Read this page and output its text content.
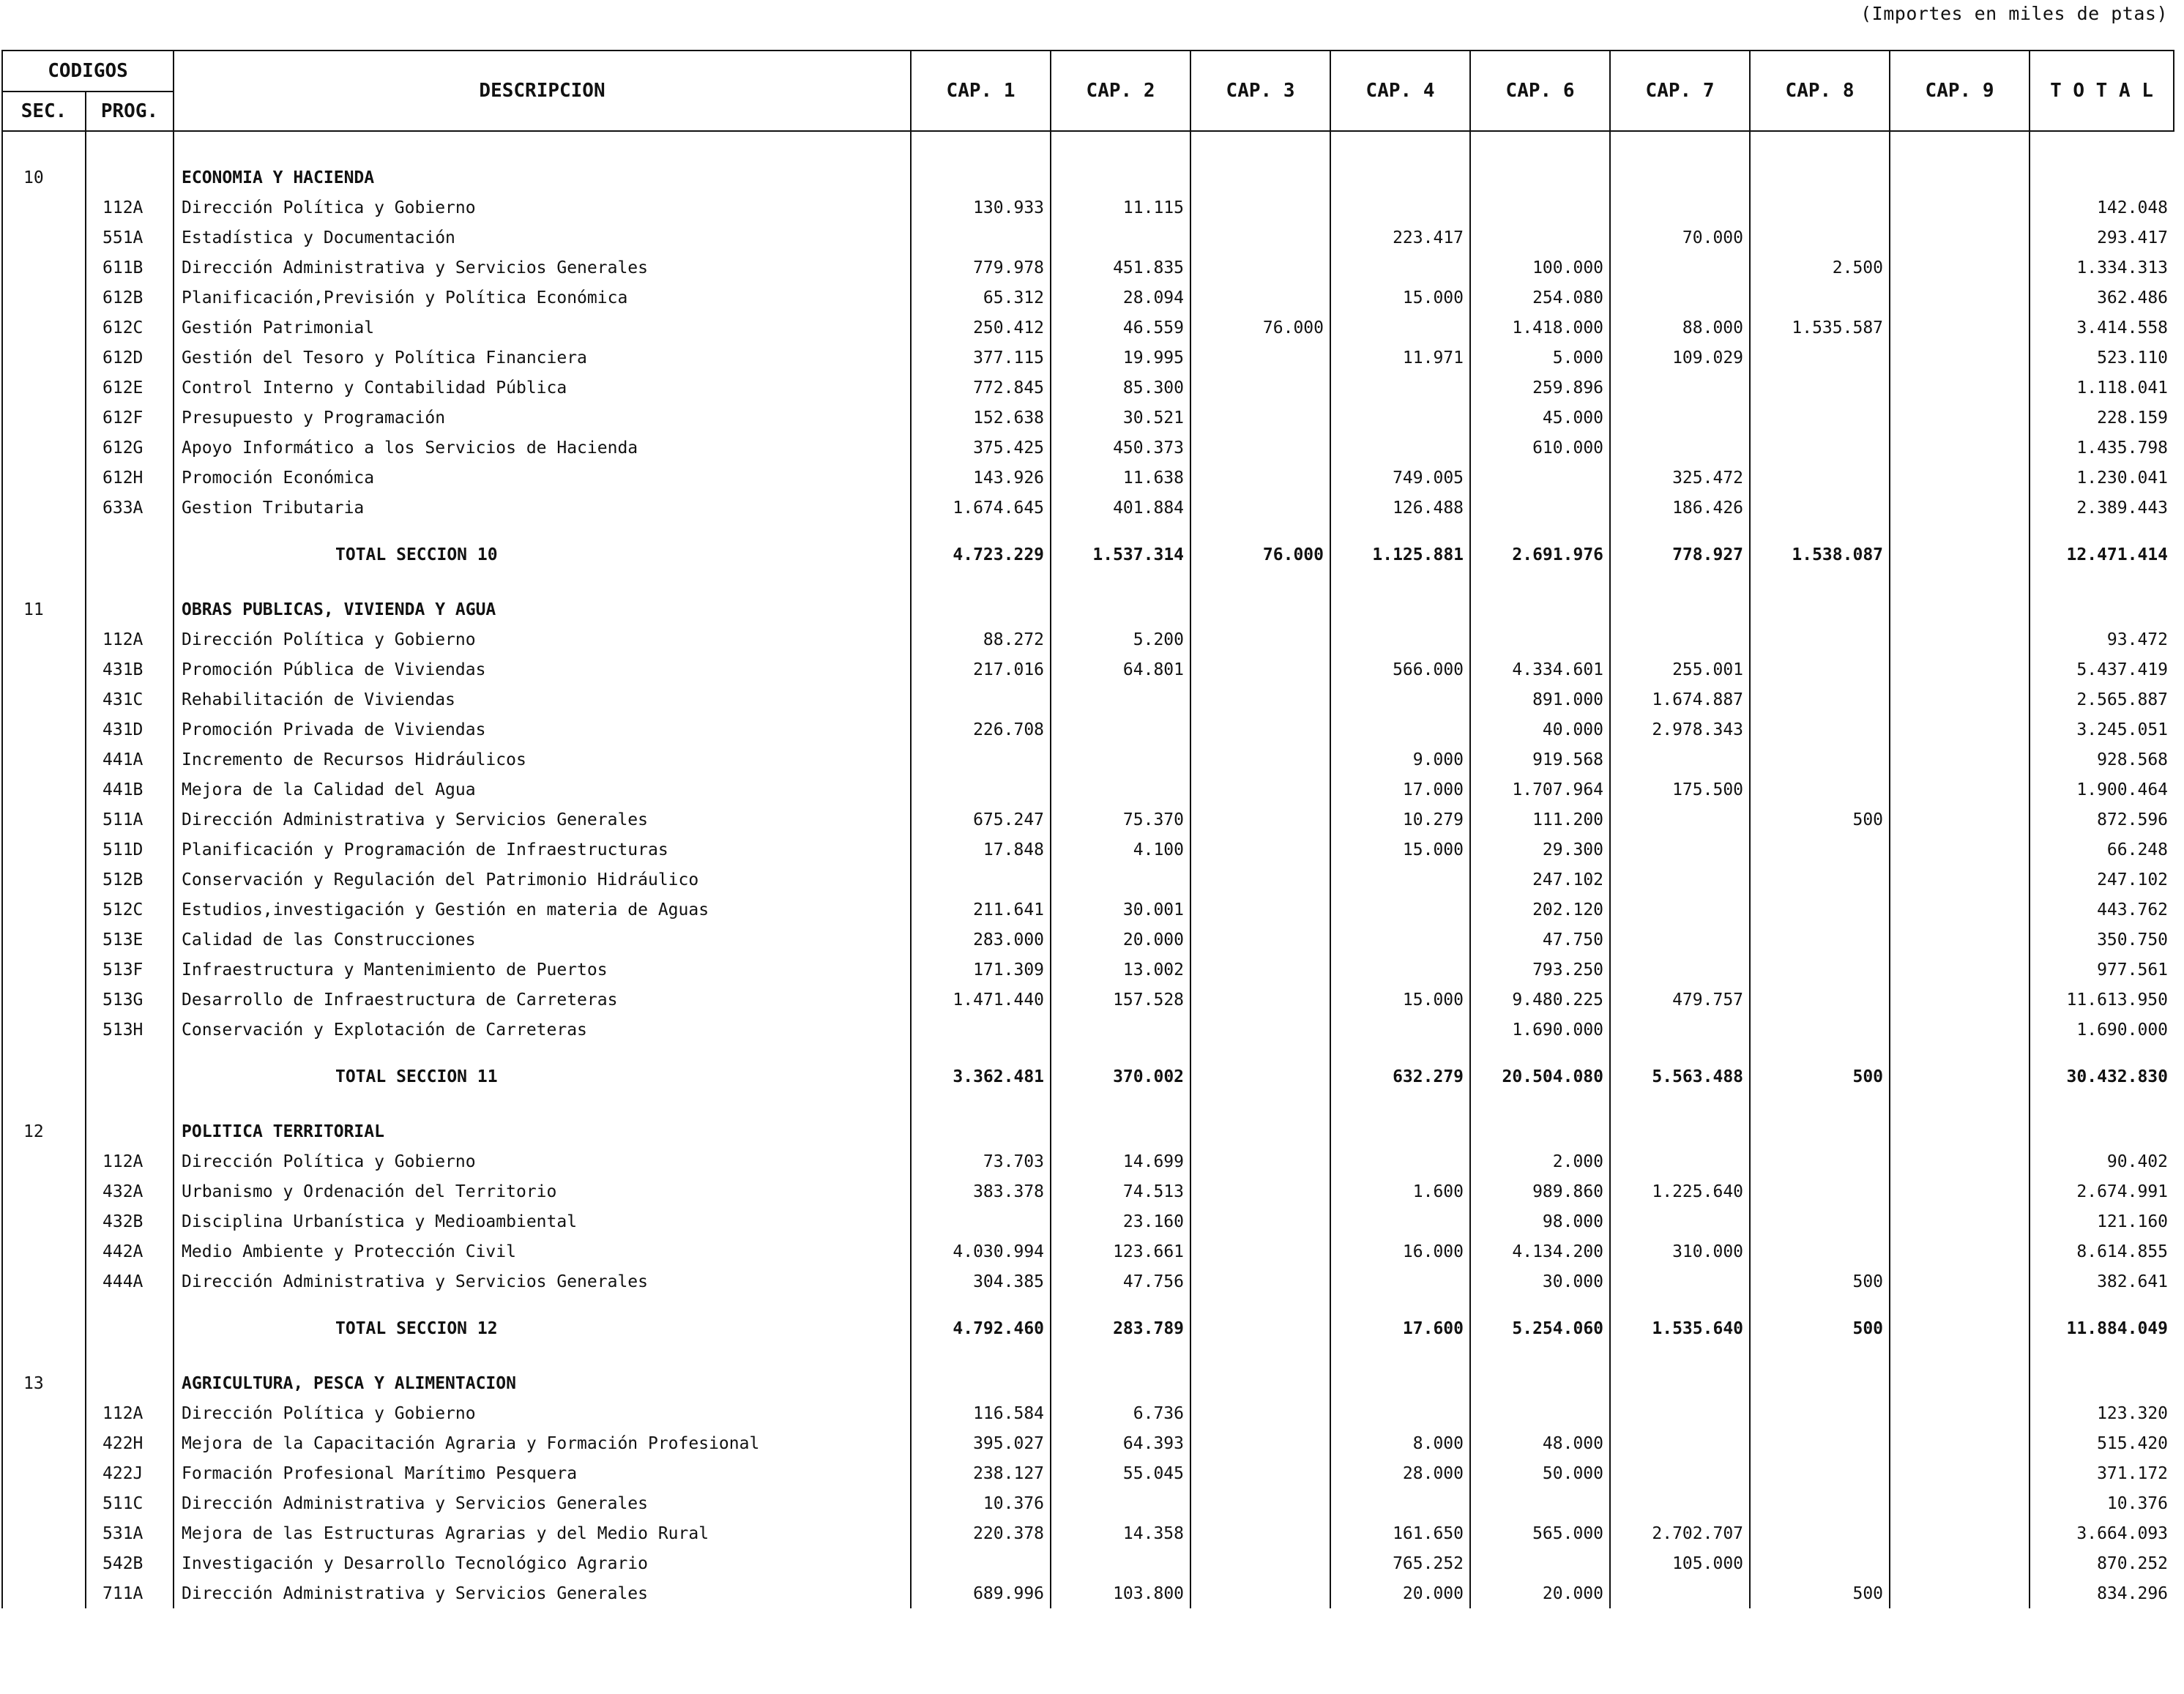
(Importes en miles de ptas)
CODIGOS		DESCRIPCION	CAP. 1	CAP. 2	CAP. 3	CAP. 4	CAP. 6	CAP. 7	CAP. 8	CAP. 9	T O T A L
SEC.	PROG.										

10		ECONOMIA Y HACIENDA									
	112A	Dirección Política y Gobierno	130.933	11.115							142.048
	551A	Estadística y Documentación				223.417		70.000			293.417
	611B	Dirección Administrativa y Servicios Generales	779.978	451.835			100.000		2.500		1.334.313
	612B	Planificación,Previsión y Política Económica	65.312	28.094		15.000	254.080				362.486
	612C	Gestión Patrimonial	250.412	46.559	76.000		1.418.000	88.000	1.535.587		3.414.558
	612D	Gestión del Tesoro y Política Financiera	377.115	19.995		11.971	5.000	109.029			523.110
	612E	Control Interno y Contabilidad Pública	772.845	85.300			259.896				1.118.041
	612F	Presupuesto y Programación	152.638	30.521			45.000				228.159
	612G	Apoyo Informático a los Servicios de Hacienda	375.425	450.373			610.000				1.435.798
	612H	Promoción Económica	143.926	11.638		749.005		325.472			1.230.041
	633A	Gestion Tributaria	1.674.645	401.884		126.488		186.426			2.389.443
		TOTAL SECCION 10	4.723.229	1.537.314	76.000	1.125.881	2.691.976	778.927	1.538.087		12.471.414

11		OBRAS PUBLICAS, VIVIENDA Y AGUA									
	112A	Dirección Política y Gobierno	88.272	5.200							93.472
	431B	Promoción Pública de Viviendas	217.016	64.801		566.000	4.334.601	255.001			5.437.419
	431C	Rehabilitación de Viviendas					891.000	1.674.887			2.565.887
	431D	Promoción Privada de Viviendas	226.708				40.000	2.978.343			3.245.051
	441A	Incremento de Recursos Hidráulicos				9.000	919.568				928.568
	441B	Mejora de la Calidad del Agua				17.000	1.707.964	175.500			1.900.464
	511A	Dirección Administrativa y Servicios Generales	675.247	75.370		10.279	111.200		500		872.596
	511D	Planificación y Programación de Infraestructuras	17.848	4.100		15.000	29.300				66.248
	512B	Conservación y Regulación del Patrimonio Hidráulico					247.102				247.102
	512C	Estudios,investigación y Gestión en materia de Aguas	211.641	30.001			202.120				443.762
	513E	Calidad de las Construcciones	283.000	20.000			47.750				350.750
	513F	Infraestructura y Mantenimiento de Puertos	171.309	13.002			793.250				977.561
	513G	Desarrollo de Infraestructura de Carreteras	1.471.440	157.528		15.000	9.480.225	479.757			11.613.950
	513H	Conservación y Explotación de Carreteras					1.690.000				1.690.000
		TOTAL SECCION 11	3.362.481	370.002		632.279	20.504.080	5.563.488	500		30.432.830

12		POLITICA TERRITORIAL									
	112A	Dirección Política y Gobierno	73.703	14.699			2.000				90.402
	432A	Urbanismo y Ordenación del Territorio	383.378	74.513		1.600	989.860	1.225.640			2.674.991
	432B	Disciplina Urbanística y Medioambiental		23.160			98.000				121.160
	442A	Medio Ambiente y Protección Civil	4.030.994	123.661		16.000	4.134.200	310.000			8.614.855
	444A	Dirección Administrativa y Servicios Generales	304.385	47.756			30.000		500		382.641
		TOTAL SECCION 12	4.792.460	283.789		17.600	5.254.060	1.535.640	500		11.884.049

13		AGRICULTURA, PESCA Y ALIMENTACION									
	112A	Dirección Política y Gobierno	116.584	6.736							123.320
	422H	Mejora de la Capacitación Agraria y Formación Profesional	395.027	64.393		8.000	48.000				515.420
	422J	Formación Profesional Marítimo Pesquera	238.127	55.045		28.000	50.000				371.172
	511C	Dirección Administrativa y Servicios Generales	10.376								10.376
	531A	Mejora de las Estructuras Agrarias y del Medio Rural	220.378	14.358		161.650	565.000	2.702.707			3.664.093
	542B	Investigación y Desarrollo Tecnológico Agrario				765.252		105.000			870.252
	711A	Dirección Administrativa y Servicios Generales	689.996	103.800		20.000	20.000		500		834.296
